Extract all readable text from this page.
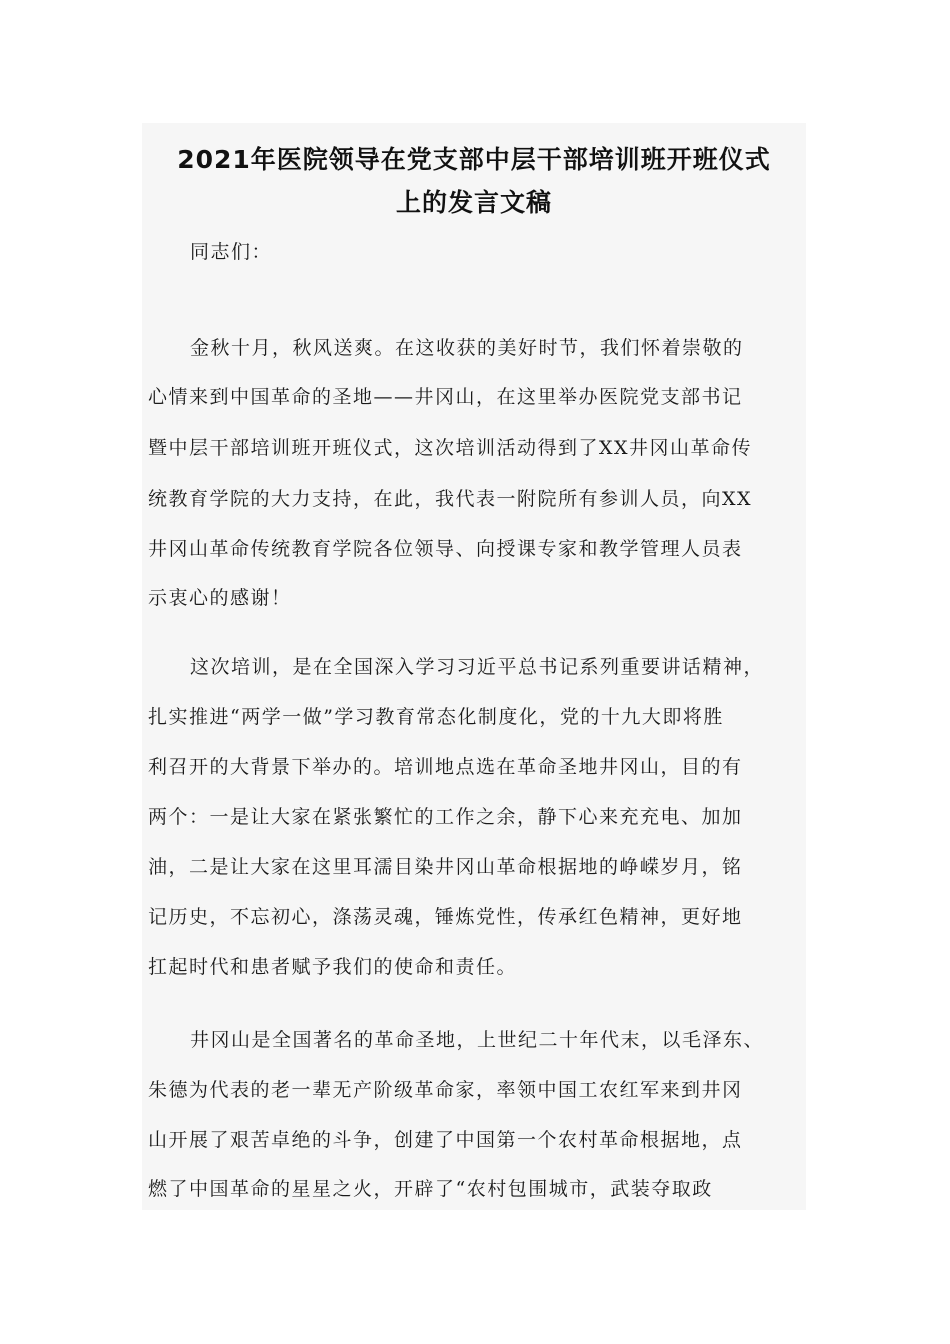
2021年医院领导在党支部中层干部培训班开班仪式
上的发言文稿

同志们：

金秋十月，秋风送爽。在这收获的美好时节，我们怀着崇敬的

心情来到中国革命的圣地——井冈山，在这里举办医院党支部书记

暨中层干部培训班开班仪式，这次培训活动得到了XX井冈山革命传

统教育学院的大力支持，在此，我代表一附院所有参训人员，向XX

井冈山革命传统教育学院各位领导、向授课专家和教学管理人员表

示衷心的感谢！

这次培训，是在全国深入学习习近平总书记系列重要讲话精神，

扎实推进“两学一做”学习教育常态化制度化，党的十九大即将胜

利召开的大背景下举办的。培训地点选在革命圣地井冈山，目的有

两个：一是让大家在紧张繁忙的工作之余，静下心来充充电、加加

油，二是让大家在这里耳濡目染井冈山革命根据地的峥嵘岁月，铭

记历史，不忘初心，涤荡灵魂，锤炼党性，传承红色精神，更好地

扛起时代和患者赋予我们的使命和责任。

井冈山是全国著名的革命圣地，上世纪二十年代末，以毛泽东、

朱德为代表的老一辈无产阶级革命家，率领中国工农红军来到井冈

山开展了艰苦卓绝的斗争，创建了中国第一个农村革命根据地，点

燃了中国革命的星星之火，开辟了“农村包围城市，武装夺取政
